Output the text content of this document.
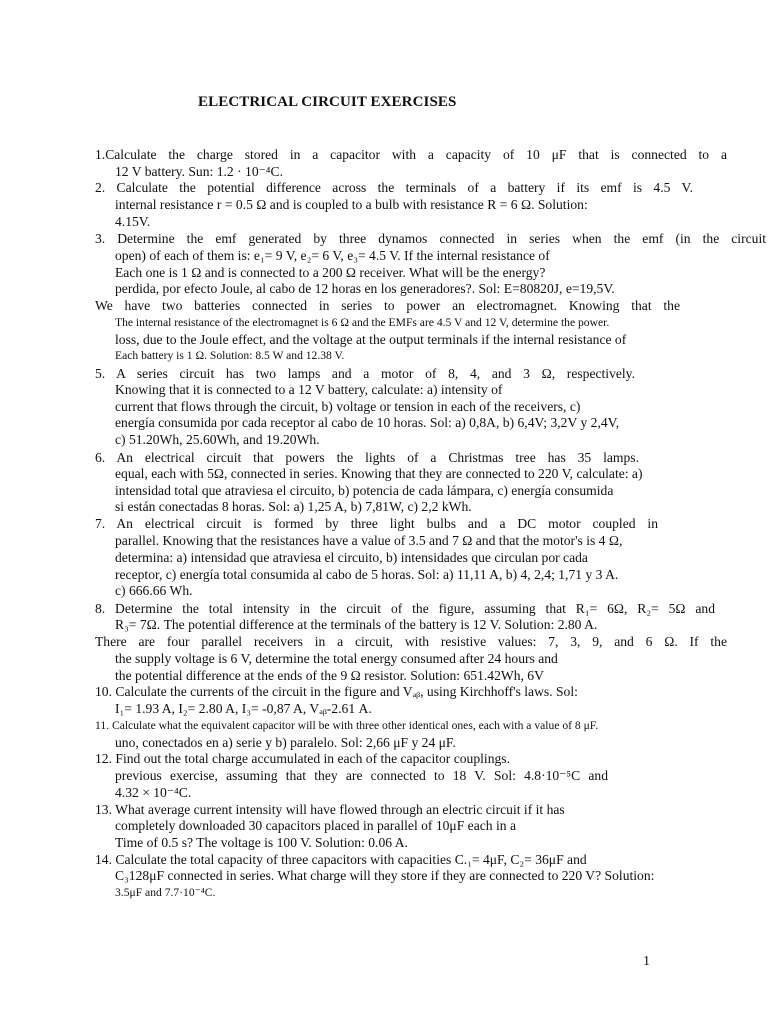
ELECTRICAL CIRCUIT EXERCISES
1.Calculate the charge stored in a capacitor with a capacity of 10 μF that is connected to a
12 V battery. Sun: 1.2 · 10⁻⁴C.
2. Calculate the potential difference across the terminals of a battery if its emf is 4.5 V.
internal resistance r = 0.5 Ω and is coupled to a bulb with resistance R = 6 Ω. Solution:
4.15V.
3. Determine the emf generated by three dynamos connected in series when the emf (in the circuit
open) of each of them is: e₁= 9 V, e₂= 6 V, e₃= 4.5 V. If the internal resistance of
Each one is 1 Ω and is connected to a 200 Ω receiver. What will be the energy?
perdida, por efecto Joule, al cabo de 12 horas en los generadores?. Sol: E=80820J, e=19,5V.
We have two batteries connected in series to power an electromagnet. Knowing that the
The internal resistance of the electromagnet is 6 Ω and the EMFs are 4.5 V and 12 V, determine the power.
loss, due to the Joule effect, and the voltage at the output terminals if the internal resistance of
Each battery is 1 Ω. Solution: 8.5 W and 12.38 V.
5. A series circuit has two lamps and a motor of 8, 4, and 3 Ω, respectively.
Knowing that it is connected to a 12 V battery, calculate: a) intensity of
current that flows through the circuit, b) voltage or tension in each of the receivers, c)
energía consumida por cada receptor al cabo de 10 horas. Sol: a) 0,8A, b) 6,4V; 3,2V y 2,4V,
c) 51.20Wh, 25.60Wh, and 19.20Wh.
6. An electrical circuit that powers the lights of a Christmas tree has 35 lamps.
equal, each with 5Ω, connected in series. Knowing that they are connected to 220 V, calculate: a)
intensidad total que atraviesa el circuito, b) potencia de cada lámpara, c) energía consumida
si están conectadas 8 horas. Sol: a) 1,25 A, b) 7,81W, c) 2,2 kWh.
7. An electrical circuit is formed by three light bulbs and a DC motor coupled in
parallel. Knowing that the resistances have a value of 3.5 and 7 Ω and that the motor's is 4 Ω,
determina: a) intensidad que atraviesa el circuito, b) intensidades que circulan por cada
receptor, c) energía total consumida al cabo de 5 horas. Sol: a) 11,11 A, b) 4, 2,4; 1,71 y 3 A.
c) 666.66 Wh.
8. Determine the total intensity in the circuit of the figure, assuming that R₁= 6Ω, R₂= 5Ω and
R₃= 7Ω. The potential difference at the terminals of the battery is 12 V. Solution: 2.80 A.
There are four parallel receivers in a circuit, with resistive values: 7, 3, 9, and 6 Ω. If the
the supply voltage is 6 V, determine the total energy consumed after 24 hours and
the potential difference at the ends of the 9 Ω resistor. Solution: 651.42Wh, 6V
10. Calculate the currents of the circuit in the figure and Vₐᵦ, using Kirchhoff's laws. Sol:
I₁= 1.93 A, I₂= 2.80 A, I₃= -0,87 A, Vₐᵦ-2.61 A.
11. Calculate what the equivalent capacitor will be with three other identical ones, each with a value of 8 μF.
uno, conectados en a) serie y b) paralelo. Sol: 2,66 μF y 24 μF.
12. Find out the total charge accumulated in each of the capacitor couplings.
previous exercise, assuming that they are connected to 18 V. Sol: 4.8·10⁻⁵C and
4.32 × 10⁻⁴C.
13. What average current intensity will have flowed through an electric circuit if it has
completely downloaded 30 capacitors placed in parallel of 10μF each in a
Time of 0.5 s? The voltage is 100 V. Solution: 0.06 A.
14. Calculate the total capacity of three capacitors with capacities C.₁= 4μF, C₂= 36μF and
C₃128μF connected in series. What charge will they store if they are connected to 220 V? Solution:
3.5μF and 7.7·10⁻⁴C.
1
